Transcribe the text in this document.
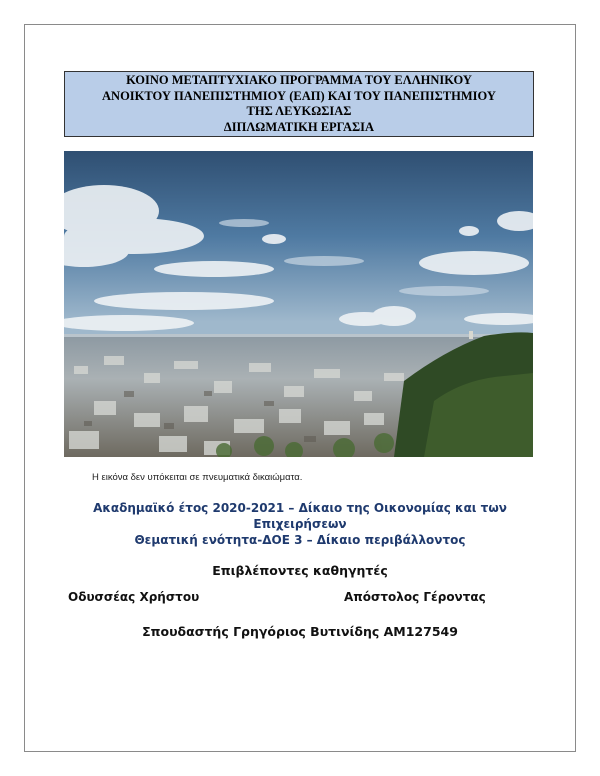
ΚΟΙΝΟ ΜΕΤΑΠΤΥΧΙΑΚΟ ΠΡΟΓΡΑΜΜΑ ΤΟΥ ΕΛΛΗΝΙΚΟΥ
ΑΝΟΙΚΤΟΥ ΠΑΝΕΠΙΣΤΗΜΙΟΥ (ΕΑΠ) ΚΑΙ ΤΟΥ ΠΑΝΕΠΙΣΤΗΜΙΟΥ
ΤΗΣ ΛΕΥΚΩΣΙΑΣ
ΔΙΠΛΩΜΑΤΙΚΗ ΕΡΓΑΣΙΑ
Η εικόνα δεν υπόκειται σε πνευματικά δικαιώματα.
Ακαδημαϊκό έτος 2020-2021 – Δίκαιο της Οικονομίας και των
Επιχειρήσεων
Θεματική ενότητα-ΔΟΕ 3 – Δίκαιο περιβάλλοντος
Επιβλέποντες καθηγητές
Οδυσσέας Χρήστου	Απόστολος Γέροντας
Σπουδαστής Γρηγόριος Βυτινίδης ΑΜ127549
